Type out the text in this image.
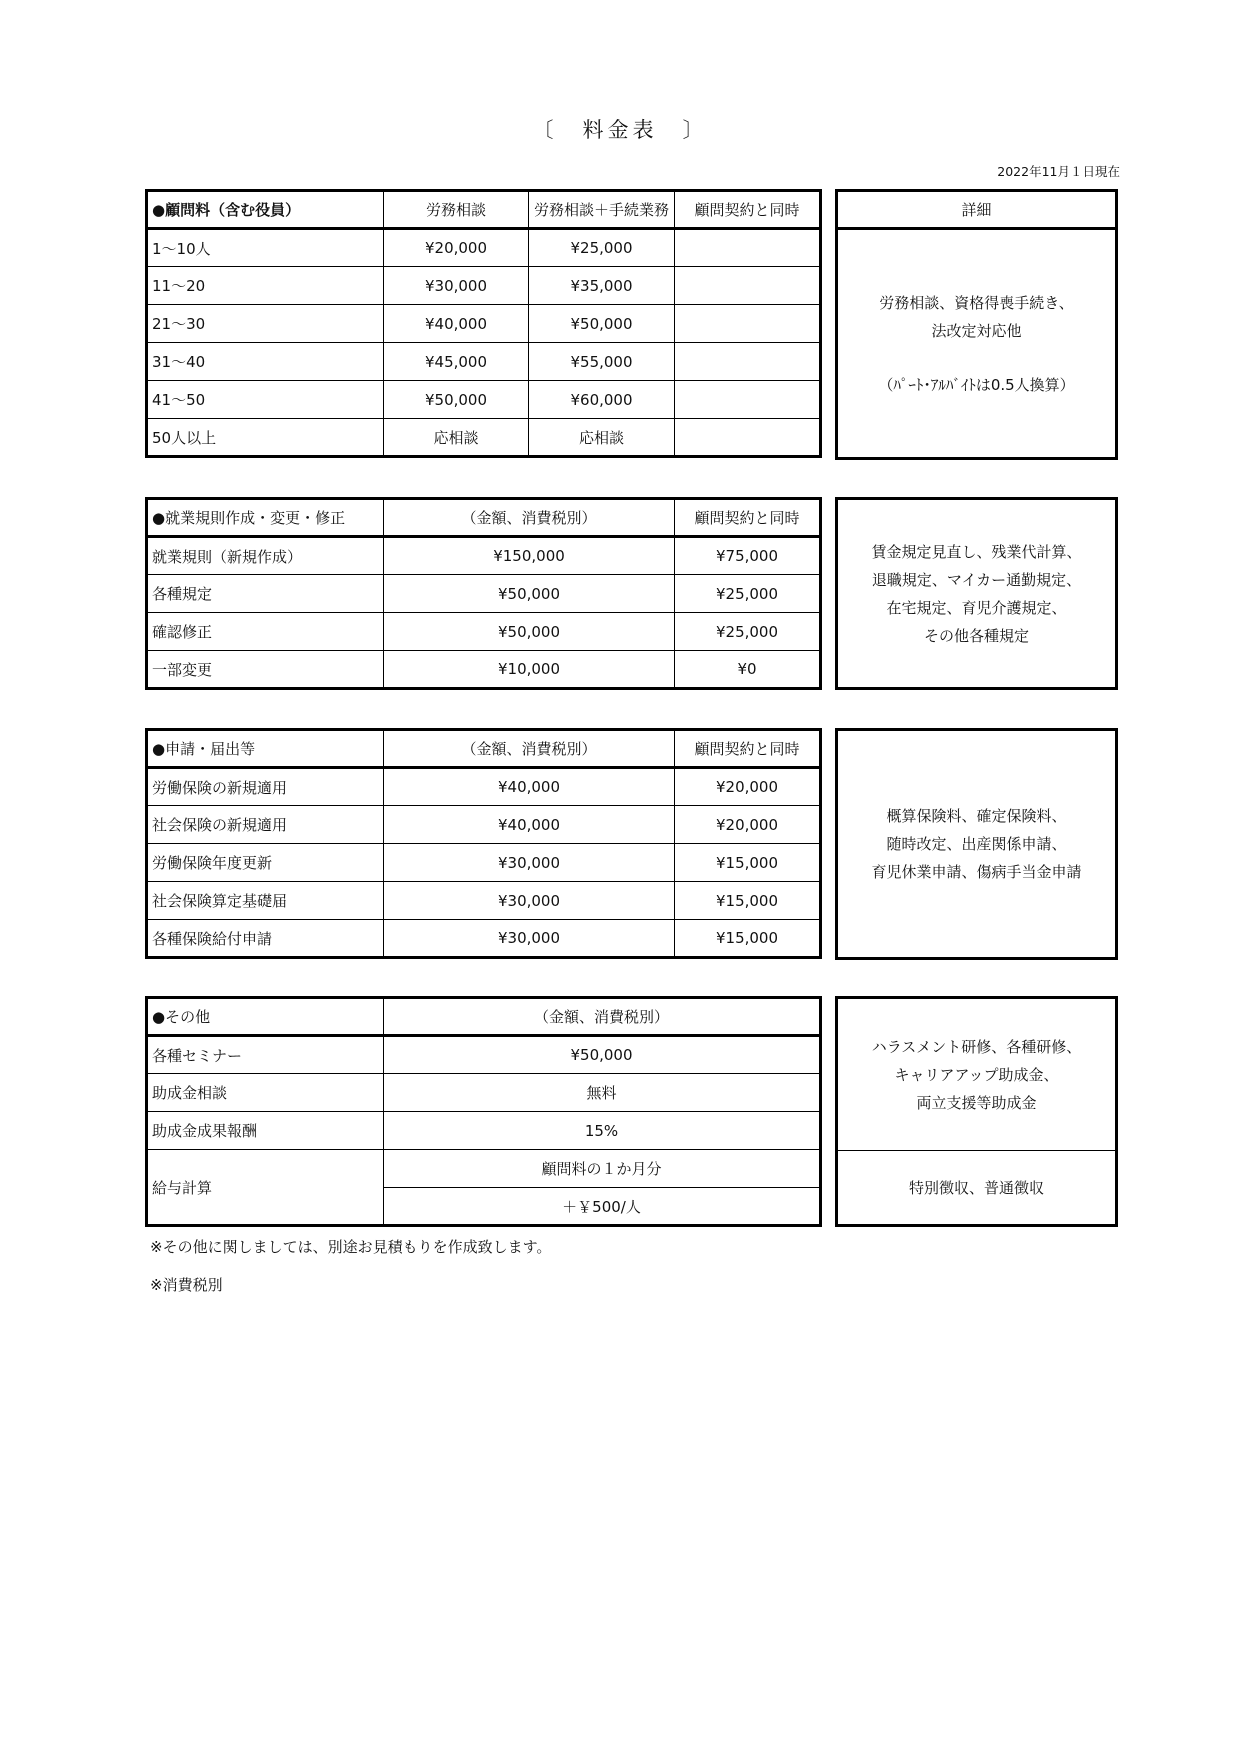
〔　料金表　〕
2022年11月１日現在
●顧問料（含む役員）	労務相談	労務相談＋手続業務	顧問契約と同時
1～10人	¥20,000	¥25,000	
11～20	¥30,000	¥35,000	
21～30	¥40,000	¥50,000	
31～40	¥45,000	¥55,000	
41～50	¥50,000	¥60,000	
50人以上	応相談	応相談	
詳細
労務相談、資格得喪手続き、
法改定対応他
（ﾊﾟｰﾄ･ｱﾙﾊﾞｲﾄは0.5人換算）
●就業規則作成・変更・修正	（金額、消費税別）	顧問契約と同時
就業規則（新規作成）	¥150,000	¥75,000
各種規定	¥50,000	¥25,000
確認修正	¥50,000	¥25,000
一部変更	¥10,000	¥0
賃金規定見直し、残業代計算、
退職規定、マイカー通勤規定、
在宅規定、育児介護規定、
その他各種規定
●申請・届出等	（金額、消費税別）	顧問契約と同時
労働保険の新規適用	¥40,000	¥20,000
社会保険の新規適用	¥40,000	¥20,000
労働保険年度更新	¥30,000	¥15,000
社会保険算定基礎届	¥30,000	¥15,000
各種保険給付申請	¥30,000	¥15,000
概算保険料、確定保険料、
随時改定、出産関係申請、
育児休業申請、傷病手当金申請
●その他	（金額、消費税別）
各種セミナー	¥50,000
助成金相談	無料
助成金成果報酬	15%
給与計算	顧問料の１か月分
	＋￥500/人
ハラスメント研修、各種研修、
キャリアアップ助成金、
両立支援等助成金
特別徴収、普通徴収
※その他に関しましては、別途お見積もりを作成致します。
※消費税別
